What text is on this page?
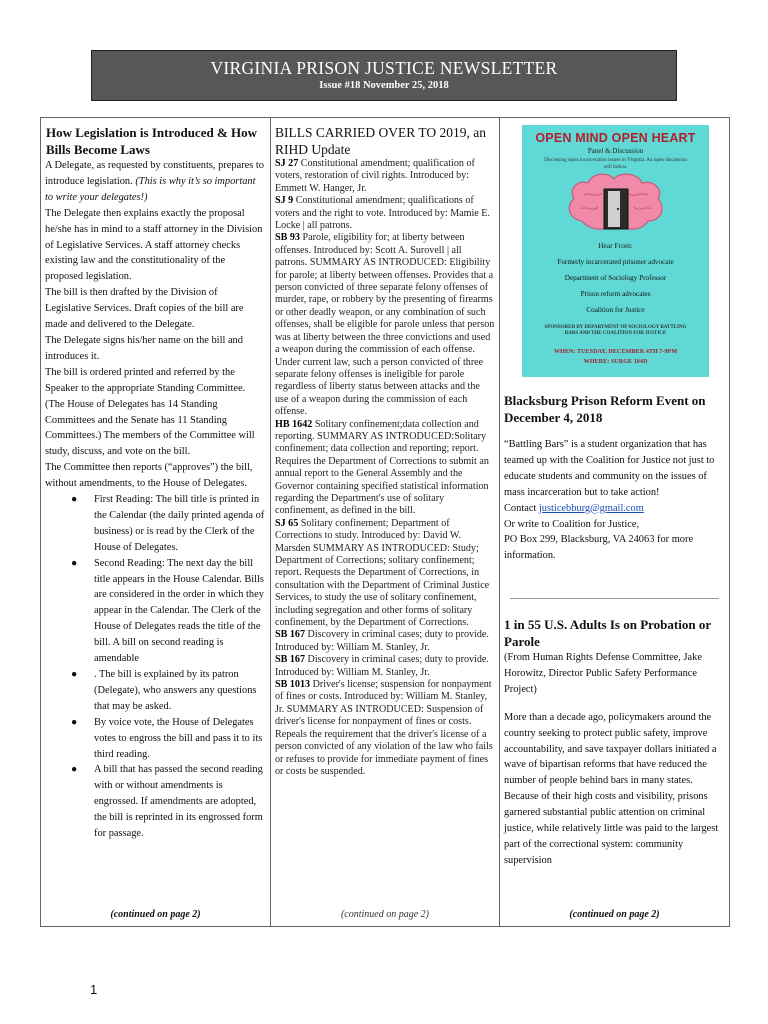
VIRGINIA PRISON JUSTICE NEWSLETTER
Issue #18 November 25, 2018
How Legislation is Introduced & How Bills Become Laws

A Delegate, as requested by constituents, prepares to introduce legislation. (This is why it’s so important to write your delegates!)

The Delegate then explains exactly the proposal he/she has in mind to a staff attorney in the Division of Legislative Services. A staff attorney checks existing law and the constitutionality of the proposed legislation.

The bill is then drafted by the Division of Legislative Services. Draft copies of the bill are made and delivered to the Delegate.

The Delegate signs his/her name on the bill and introduces it.

The bill is ordered printed and referred by the Speaker to the appropriate Standing Committee. (The House of Delegates has 14 Standing Committees and the Senate has 11 Standing Committees.) The members of the Committee will study, discuss, and vote on the bill.

The Committee then reports (“approves”) the bill, without amendments, to the House of Delegates.

● First Reading: The bill title is printed in the Calendar (the daily printed agenda of business) or is read by the Clerk of the House of Delegates.
● Second Reading: The next day the bill title appears in the House Calendar. Bills are considered in the order in which they appear in the Calendar. The Clerk of the House of Delegates reads the title of the bill. A bill on second reading is amendable
● . The bill is explained by its patron (Delegate), who answers any questions that may be asked.
● By voice vote, the House of Delegates votes to engross the bill and pass it to its third reading.
● A bill that has passed the second reading with or without amendments is engrossed. If amendments are adopted, the bill is reprinted in its engrossed form for passage.
(continued on page 2)
BILLS CARRIED OVER TO 2019, an RIHD Update

SJ 27 Constitutional amendment; qualification of voters, restoration of civil rights. Introduced by: Emmett W. Hanger, Jr.

SJ 9 Constitutional amendment; qualifications of voters and the right to vote. Introduced by: Mamie E. Locke | all patrons.

SB 93 Parole, eligibility for; at liberty between offenses. Introduced by: Scott A. Surovell | all patrons. SUMMARY AS INTRODUCED: Eligibility for parole; at liberty between offenses. Provides that a person convicted of three separate felony offenses of murder, rape, or robbery by the presenting of firearms or other deadly weapon, or any combination of such offenses, shall be eligible for parole unless that person was at liberty between the three convictions and used a weapon during the commission of each offense. Under current law, such a person convicted of three separate felony offenses is ineligible for parole regardless of liberty status between attacks and the use of a weapon during the commission of each offense.

HB 1642 Solitary confinement;data collection and reporting. SUMMARY AS INTRODUCED:Solitary confinement; data collection and reporting; report. Requires the Department of Corrections to submit an annual report to the General Assembly and the Governor containing specified statistical information regarding the Department's use of solitary confinement, as defined in the bill.

SJ 65 Solitary confinement; Department of Corrections to study. Introduced by: David W. Marsden SUMMARY AS INTRODUCED: Study; Department of Corrections; solitary confinement; report. Requests the Department of Corrections, in consultation with the Department of Criminal Justice Services, to study the use of solitary confinement, including segregation and other forms of solitary confinement, by the Department of Corrections.

SB 167 Discovery in criminal cases; duty to provide. Introduced by: William M. Stanley, Jr.

SB 167 Discovery in criminal cases; duty to provide. Introduced by: William M. Stanley, Jr.

SB 1013 Driver's license; suspension for nonpayment of fines or costs. Introduced by: William M. Stanley, Jr. SUMMARY AS INTRODUCED: Suspension of driver's license for nonpayment of fines or costs. Repeals the requirement that the driver's license of a person convicted of any violation of the law who fails or refuses to provide for immediate payment of fines or costs be suspended.

(continued on page 2)
OPEN MIND OPEN HEART
Panel & Discussion
Discussing mass incarceration issues in Virginia. An open discussion will follow.
Hear From:
Formerly incarcerated prisoner advocate
Department of Sociology Professor
Prison reform advocates
Coalition for Justice
SPONSORED BY DEPARTMENT OF SOCIOLOGY BATTLING BARS AND THE COALITION FOR JUSTICE
WHEN: TUESDAY, DECEMBER 4TH 7-9PM
WHERE: SURGE 104D
Blacksburg Prison Reform Event on December 4, 2018

“Battling Bars” is a student organization that has teamed up with the Coalition for Justice not just to educate students and community on the issues of mass incarceration but to take action!

Contact justicebburg@gmail.com

Or write to Coalition for Justice,

PO Box 299, Blacksburg, VA 24063 for more information.

1 in 55 U.S. Adults Is on Probation or Parole

(From Human Rights Defense Committee, Jake Horowitz, Director Public Safety Performance Project)

More than a decade ago, policymakers around the country seeking to protect public safety, improve accountability, and save taxpayer dollars initiated a wave of bipartisan reforms that have reduced the number of people behind bars in many states. Because of their high costs and visibility, prisons garnered substantial public attention on criminal justice, while relatively little was paid to the largest part of the correctional system: community supervision

(continued on page 2)
1
